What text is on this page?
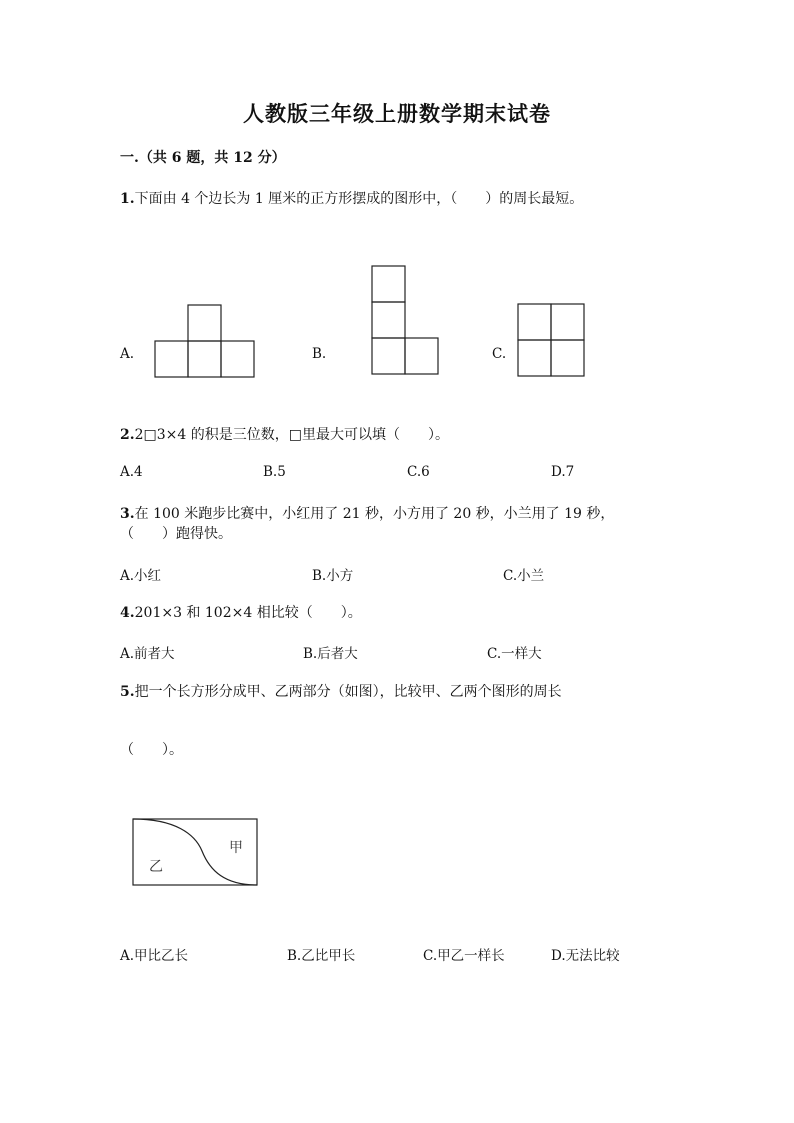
人教版三年级上册数学期末试卷
一.（共 6 题，共 12 分）
1.下面由 4 个边长为 1 厘米的正方形摆成的图形中，（　　）的周长最短。
A.	B.	C.
2.2□3×4 的积是三位数，□里最大可以填（　　）。
A.4	B.5	C.6	D.7
3.在 100 米跑步比赛中，小红用了 21 秒，小方用了 20 秒，小兰用了 19 秒，
（　　）跑得快。
A.小红	B.小方	C.小兰
4.201×3 和 102×4 相比较（　　）。
A.前者大	B.后者大	C.一样大
5.把一个长方形分成甲、乙两部分（如图），比较甲、乙两个图形的周长
（　　）。
甲
乙
A.甲比乙长	B.乙比甲长	C.甲乙一样长	D.无法比较
